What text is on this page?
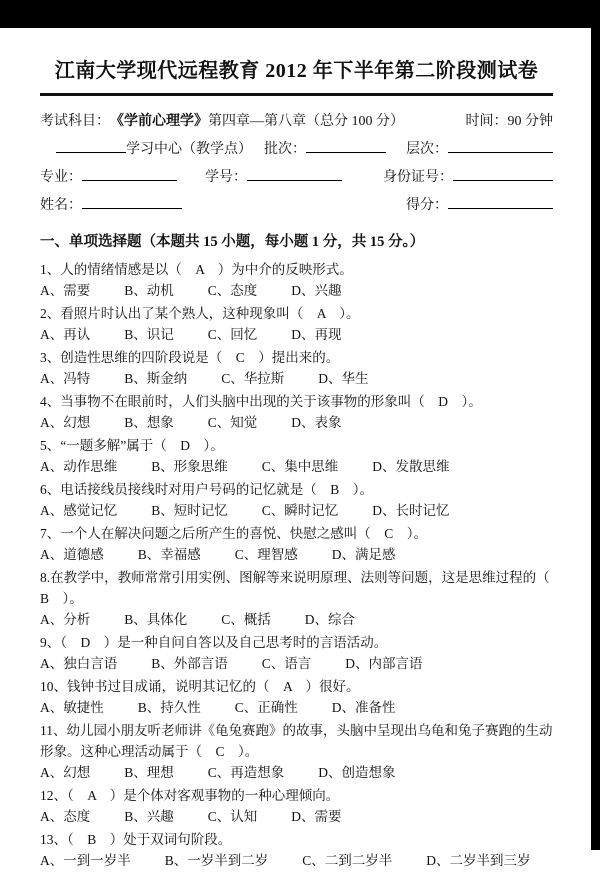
江南大学现代远程教育 2012 年下半年第二阶段测试卷
考试科目： 《学前心理学》 第四章—第八章（总分 100 分）	时间：90 分钟
学习中心（教学点） 批次：	层次：
专业：	学号：	身份证号：
姓名：	得分：
一、单项选择题（本题共 15 小题，每小题 1 分，共 15 分。）
1、人的情绪情感是以（　A　）为中介的反映形式。
A、需要	B、动机	C、态度	D、兴趣
2、看照片时认出了某个熟人，这种现象叫（　A　）。
A、再认	B、识记	C、回忆	D、再现
3、创造性思维的四阶段说是（　C　）提出来的。
A、冯特	B、斯金纳	C、华拉斯	D、华生
4、当事物不在眼前时，人们头脑中出现的关于该事物的形象叫（　D　）。
A、幻想	B、想象	C、知觉	D、表象
5、“一题多解”属于（　D　）。
A、动作思维	B、形象思维	C、集中思维	D、发散思维
6、电话接线员接线时对用户号码的记忆就是（　B　）。
A、感觉记忆	B、短时记忆	C、瞬时记忆	D、长时记忆
7、一个人在解决问题之后所产生的喜悦、快慰之感叫（　C　）。
A、道德感	B、幸福感	C、理智感	D、满足感
8.在教学中，教师常常引用实例、图解等来说明原理、法则等问题，这是思维过程的（　B　）。
A、分析	B、具体化	C、概括	D、综合
9、（　D　）是一种自问自答以及自己思考时的言语活动。
A、独白言语	B、外部言语	C、语言	D、内部言语
10、钱钟书过目成诵，说明其记忆的（　A　）很好。
A、敏捷性	B、持久性	C、正确性	D、准备性
11、幼儿园小朋友听老师讲《龟兔赛跑》的故事，头脑中呈现出乌龟和兔子赛跑的生动形象。这种心理活动属于（　C　）。
A、幻想	B、理想	C、再造想象	D、创造想象
12、（　A　）是个体对客观事物的一种心理倾向。
A、态度	B、兴趣	C、认知	D、需要
13、（　B　）处于双词句阶段。
A、一到一岁半	B、一岁半到二岁	C、二到二岁半	D、二岁半到三岁
